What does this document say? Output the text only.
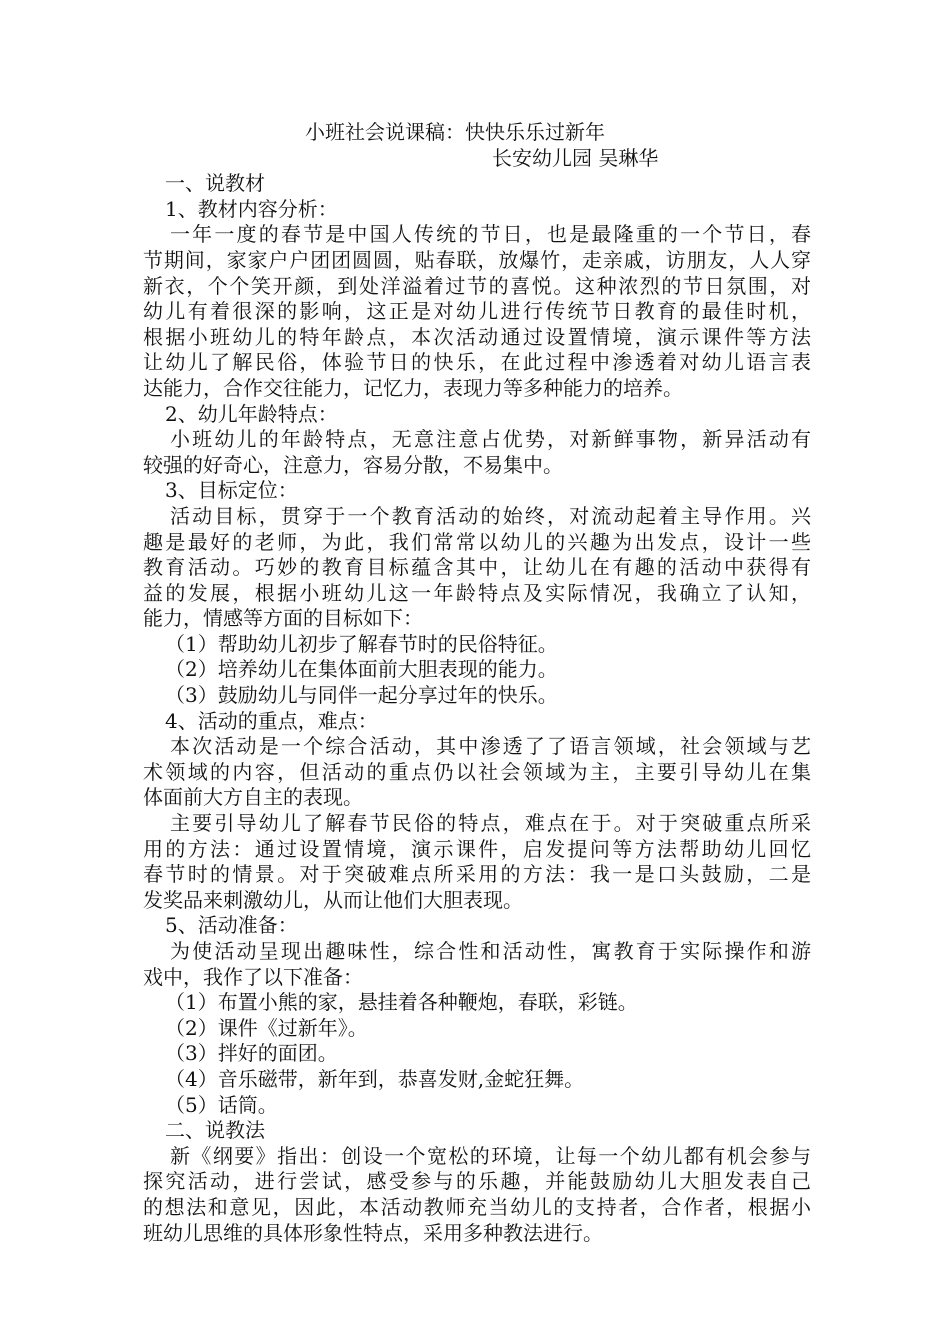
小班社会说课稿：快快乐乐过新年
长安幼儿园 吴琳华
一、说教材
1、教材内容分析：
一年一度的春节是中国人传统的节日，也是最隆重的一个节日，春
节期间，家家户户团团圆圆，贴春联，放爆竹，走亲戚，访朋友，人人穿
新衣，个个笑开颜，到处洋溢着过节的喜悦。这种浓烈的节日氛围，对
幼儿有着很深的影响，这正是对幼儿进行传统节日教育的最佳时机，
根据小班幼儿的特年龄点，本次活动通过设置情境，演示课件等方法
让幼儿了解民俗，体验节日的快乐，在此过程中渗透着对幼儿语言表
达能力，合作交往能力，记忆力，表现力等多种能力的培养。
2、幼儿年龄特点：
小班幼儿的年龄特点，无意注意占优势，对新鲜事物，新异活动有
较强的好奇心，注意力，容易分散，不易集中。
3、目标定位：
活动目标，贯穿于一个教育活动的始终，对流动起着主导作用。兴
趣是最好的老师，为此，我们常常以幼儿的兴趣为出发点，设计一些
教育活动。巧妙的教育目标蕴含其中，让幼儿在有趣的活动中获得有
益的发展，根据小班幼儿这一年龄特点及实际情况，我确立了认知，
能力，情感等方面的目标如下：
（1）帮助幼儿初步了解春节时的民俗特征。
（2）培养幼儿在集体面前大胆表现的能力。
（3）鼓励幼儿与同伴一起分享过年的快乐。
4、活动的重点，难点：
本次活动是一个综合活动，其中渗透了了语言领域，社会领域与艺
术领域的内容，但活动的重点仍以社会领域为主，主要引导幼儿在集
体面前大方自主的表现。
主要引导幼儿了解春节民俗的特点，难点在于。对于突破重点所采
用的方法：通过设置情境，演示课件，启发提问等方法帮助幼儿回忆
春节时的情景。对于突破难点所采用的方法：我一是口头鼓励，二是
发奖品来刺激幼儿，从而让他们大胆表现。
5、活动准备：
为使活动呈现出趣味性，综合性和活动性，寓教育于实际操作和游
戏中，我作了以下准备：
（1）布置小熊的家，悬挂着各种鞭炮，春联，彩链。
（2）课件《过新年》。
（3）拌好的面团。
（4）音乐磁带，新年到，恭喜发财,金蛇狂舞。
（5）话筒。
二、说教法
新《纲要》指出：创设一个宽松的环境，让每一个幼儿都有机会参与
探究活动，进行尝试，感受参与的乐趣，并能鼓励幼儿大胆发表自己
的想法和意见，因此，本活动教师充当幼儿的支持者，合作者，根据小
班幼儿思维的具体形象性特点，采用多种教法进行。
